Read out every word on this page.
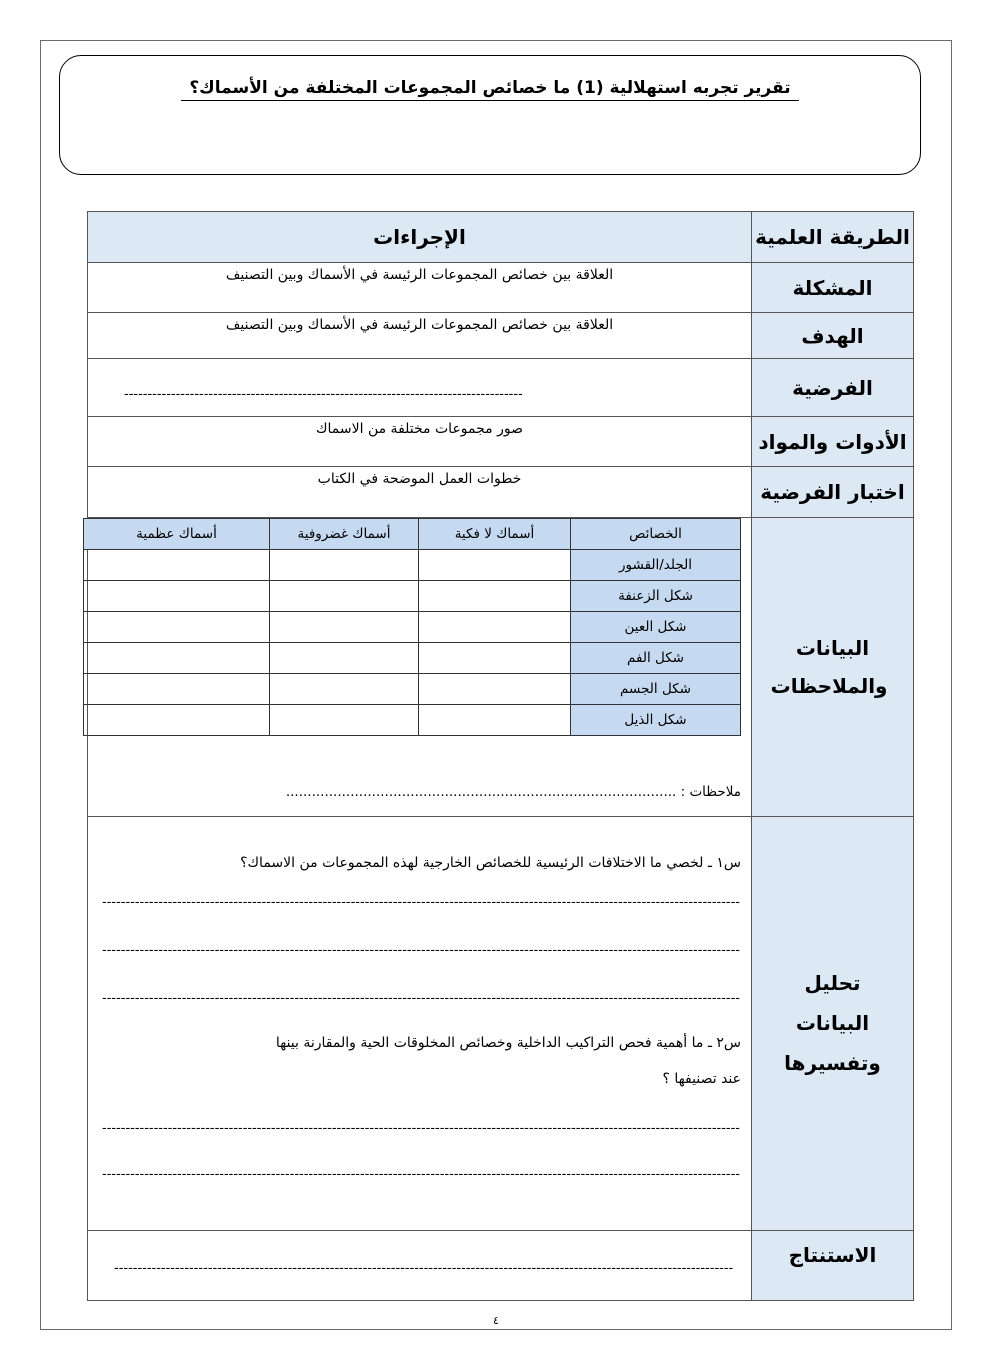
تقرير تجربه استهلالية (1) ما خصائص المجموعات المختلفة من الأسماك؟
الطريقة العلمية	الإجراءات
المشكلة	العلاقة بين خصائص المجموعات الرئيسة في الأسماك وبين التصنيف
الهدف	العلاقة بين خصائص المجموعات الرئيسة في الأسماك وبين التصنيف
الفرضية	
-------------------------------------------------------------------------------------

الأدوات والمواد	صور مجموعات مختلفة من الاسماك
اختبار الفرضية	خطوات العمل الموضحة في الكتاب

البيانات والملاحظات

الخصائص	أسماك لا فكية	أسماك غضروفية	أسماك عظمية
الجلد/القشور			
شكل الزعنفة			
شكل العين			
شكل الفم			
شكل الجسم			
شكل الذيل			
ملاحظات : ...........................................................................................

تحليل البيانات وتفسيرها

س١ ـ لخصي ما الاختلافات الرئيسية للخصائص الخارجية لهذه المجموعات من الاسماك؟
----------------------------------------------------------------------------------------------------------------------------------------
----------------------------------------------------------------------------------------------------------------------------------------
----------------------------------------------------------------------------------------------------------------------------------------
س٢ ـ ما أهمية فحص التراكيب الداخلية وخصائص المخلوقات الحية والمقارنة بينها
عند تصنيفها ؟
----------------------------------------------------------------------------------------------------------------------------------------
----------------------------------------------------------------------------------------------------------------------------------------

الاستنتاج	
------------------------------------------------------------------------------------------------------------------------------------
٤
